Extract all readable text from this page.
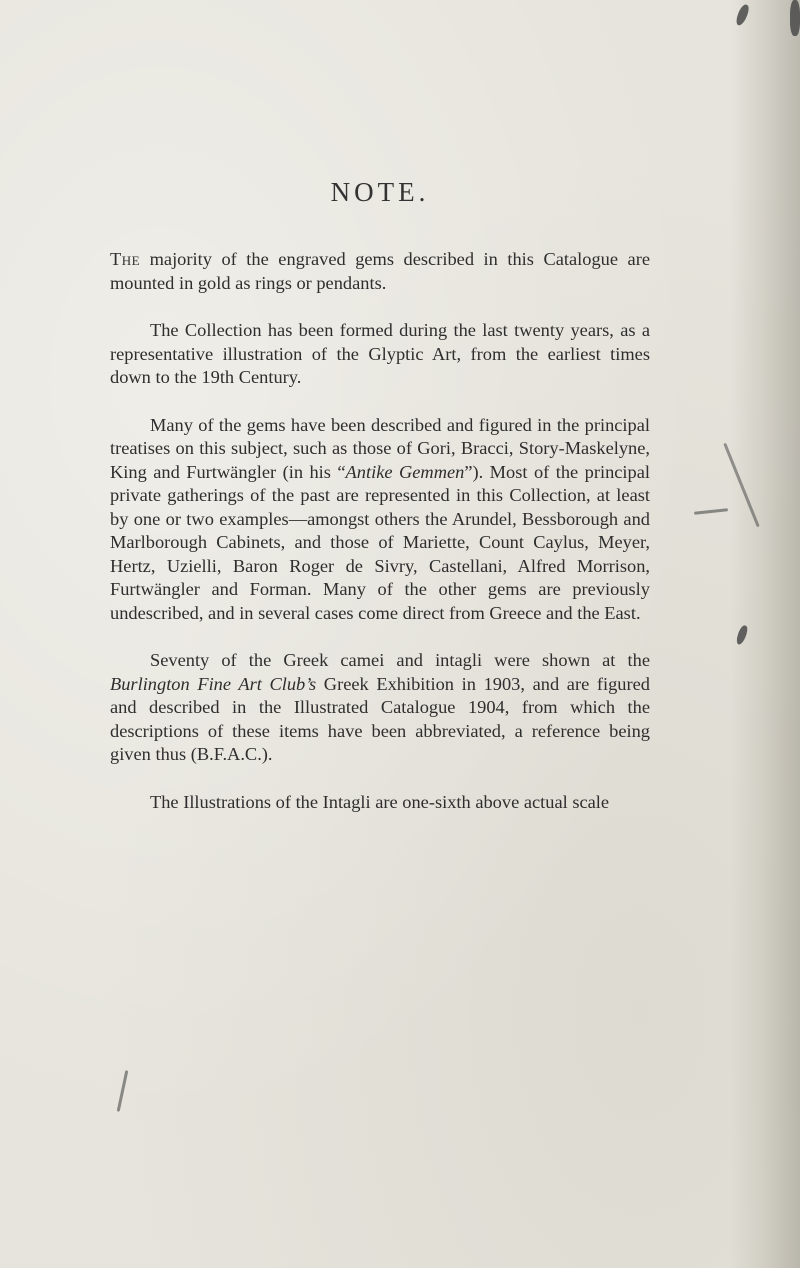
NOTE.

The majority of the engraved gems described in this Catalogue are mounted in gold as rings or pendants.

The Collection has been formed during the last twenty years, as a representative illustration of the Glyptic Art, from the earliest times down to the 19th Century.

Many of the gems have been described and figured in the principal treatises on this subject, such as those of Gori, Bracci, Story-Maskelyne, King and Furtwängler (in his “Antike Gemmen”). Most of the principal private gatherings of the past are represented in this Collection, at least by one or two examples—amongst others the Arundel, Bessborough and Marlborough Cabinets, and those of Mariette, Count Caylus, Meyer, Hertz, Uzielli, Baron Roger de Sivry, Castellani, Alfred Morrison, Furtwängler and Forman. Many of the other gems are previously undescribed, and in several cases come direct from Greece and the East.

Seventy of the Greek camei and intagli were shown at the Burlington Fine Art Club’s Greek Exhibition in 1903, and are figured and described in the Illustrated Catalogue 1904, from which the descriptions of these items have been abbreviated, a reference being given thus (B.F.A.C.).

The Illustrations of the Intagli are one-sixth above actual scale
